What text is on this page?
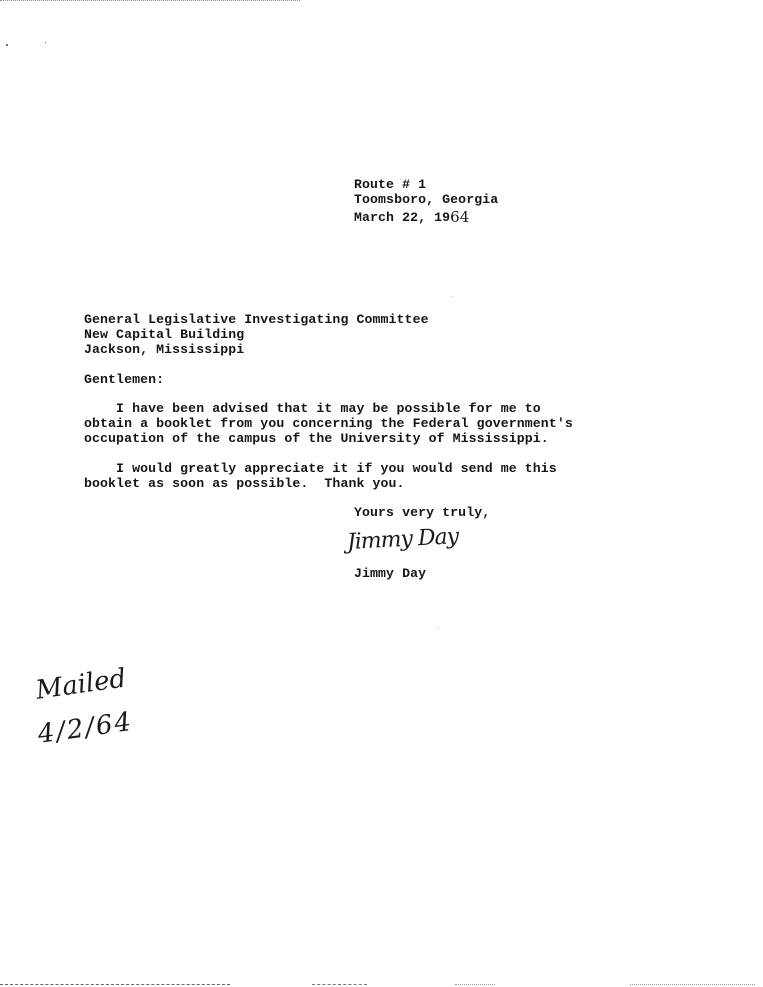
Route # 1
Toomsboro, Georgia
March 22, 1964
General Legislative Investigating Committee
New Capital Building
Jackson, Mississippi
Gentlemen:
I have been advised that it may be possible for me to
obtain a booklet from you concerning the Federal government's
occupation of the campus of the University of Mississippi.
I would greatly appreciate it if you would send me this
booklet as soon as possible.  Thank you.
Yours very truly,
Jimmy Day
Jimmy Day
Mailed
4/2/64
